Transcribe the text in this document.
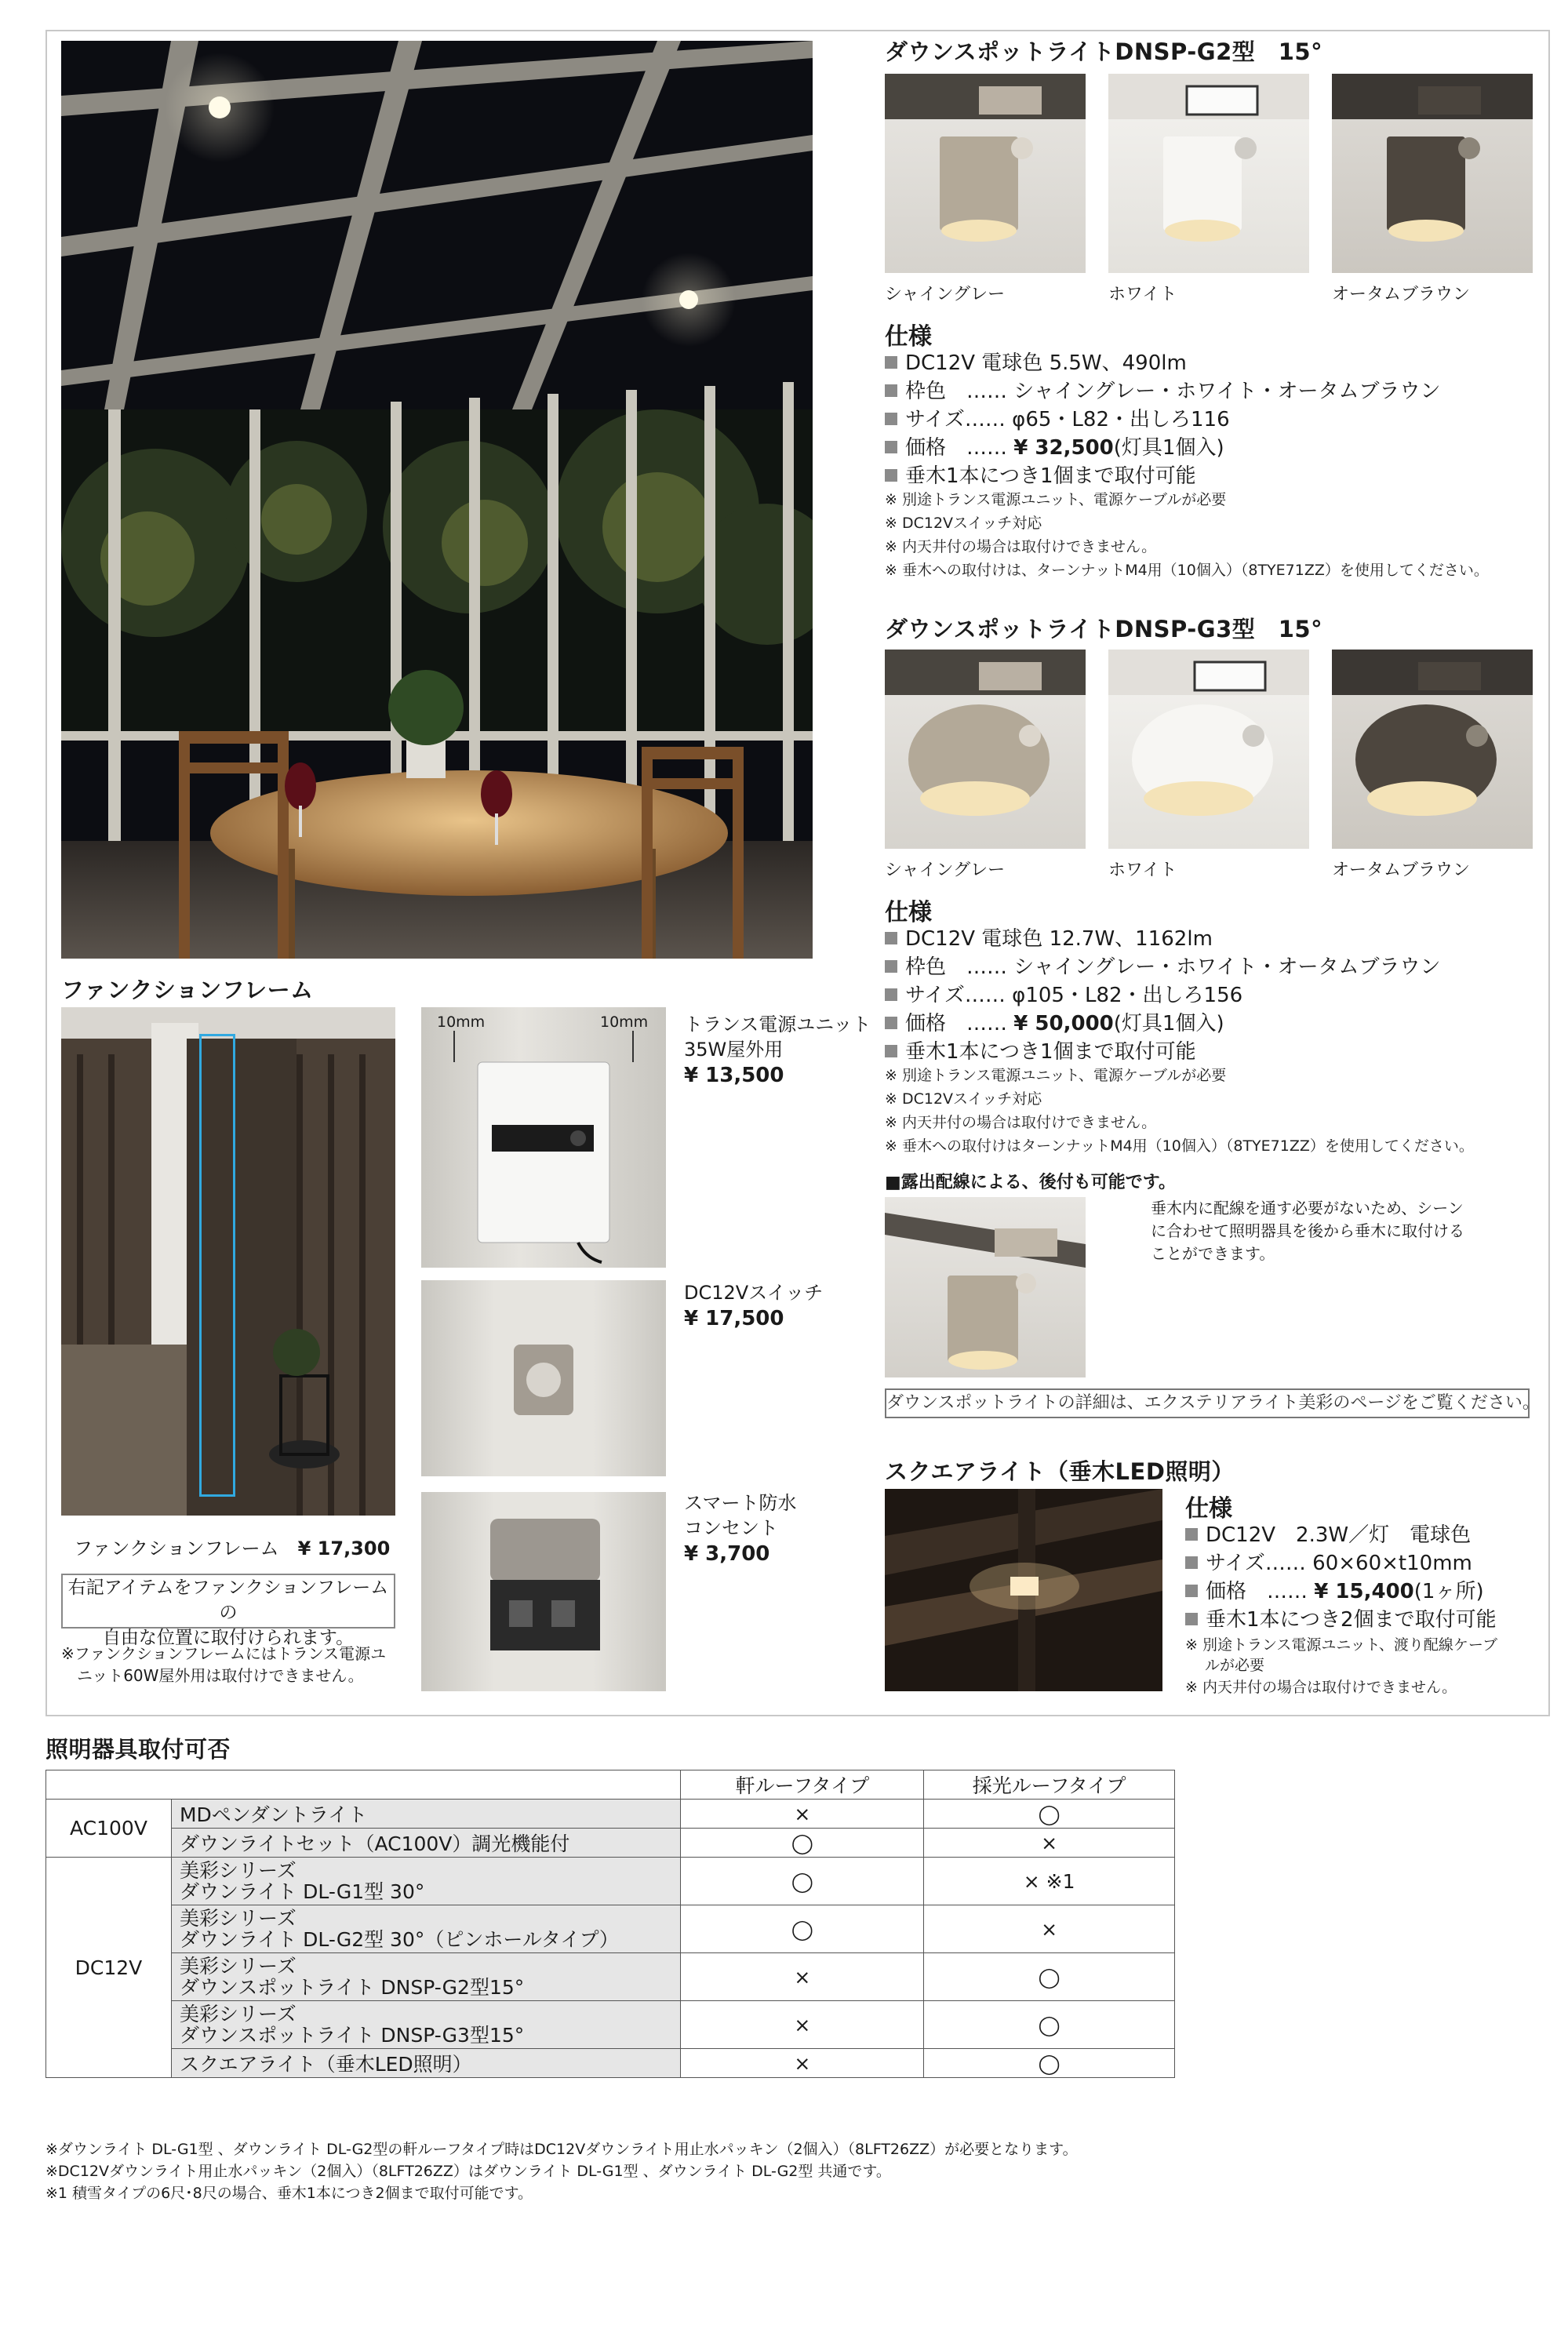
ダウンスポットライトDNSP-G2型　15°
シャイングレー	ホワイト	オータムブラウン
仕様
DC12V 電球色 5.5W、490lm
枠色　…… シャイングレー・ホワイト・オータムブラウン
サイズ…… φ65・L82・出しろ116
価格　…… ¥ 32,500(灯具1個入)
垂木1本につき1個まで取付可能
※ 別途トランス電源ユニット、電源ケーブルが必要
※ DC12Vスイッチ対応
※ 内天井付の場合は取付けできません。
※ 垂木への取付けは、ターンナットM4用（10個入）（8TYE71ZZ）を使用してください。
ダウンスポットライトDNSP-G3型　15°
シャイングレー	ホワイト	オータムブラウン
仕様
DC12V 電球色 12.7W、1162lm
枠色　…… シャイングレー・ホワイト・オータムブラウン
サイズ…… φ105・L82・出しろ156
価格　…… ¥ 50,000(灯具1個入)
垂木1本につき1個まで取付可能
※ 別途トランス電源ユニット、電源ケーブルが必要
※ DC12Vスイッチ対応
※ 内天井付の場合は取付けできません。
※ 垂木への取付けはターンナットM4用（10個入）（8TYE71ZZ）を使用してください。
■露出配線による、後付も可能です。
垂木内に配線を通す必要がないため、シーン
に合わせて照明器具を後から垂木に取付ける
ことができます。
ダウンスポットライトの詳細は、エクステリアライト美彩のページをご覧ください。
スクエアライト（垂木LED照明）
仕様
DC12V　2.3W／灯　電球色
サイズ…… 60×60×t10mm
価格　…… ¥ 15,400(1ヶ所)
垂木1本につき2個まで取付可能
※ 別途トランス電源ユニット、渡り配線ケーブ
　 ルが必要
※ 内天井付の場合は取付けできません。
ファンクションフレーム
ファンクションフレーム　 ¥ 17,300
右記アイテムをファンクションフレームの
自由な位置に取付けられます。
※ファンクションフレームにはトランス電源ユ
　ニット60W屋外用は取付けできません。
10mm	10mm トランス電源ユニット
35W屋外用
¥ 13,500
DC12Vスイッチ
¥ 17,500
スマート防水
コンセント
¥ 3,700
照明器具取付可否
		軒ルーフタイプ	採光ルーフタイプ
AC100V	MDペンダントライト	×	◯
	ダウンライトセット（AC100V）調光機能付	◯	×
DC12V	美彩シリーズ
ダウンライト DL-G1型 30°	◯	× ※1

	美彩シリーズ
ダウンライト DL-G2型 30°（ピンホールタイプ）	◯	×

	美彩シリーズ
ダウンスポットライト DNSP-G2型15°	×	◯

	美彩シリーズ
ダウンスポットライト DNSP-G3型15°	×	◯
	スクエアライト（垂木LED照明）	×	◯
※ダウンライト DL-G1型 、ダウンライト DL-G2型の軒ルーフタイプ時はDC12Vダウンライト用止水パッキン（2個入）（8LFT26ZZ）が必要となります。
※DC12Vダウンライト用止水パッキン（2個入）（8LFT26ZZ）はダウンライト DL-G1型 、ダウンライト DL-G2型 共通です。
※1 積雪タイプの6尺･8尺の場合、垂木1本につき2個まで取付可能です。
